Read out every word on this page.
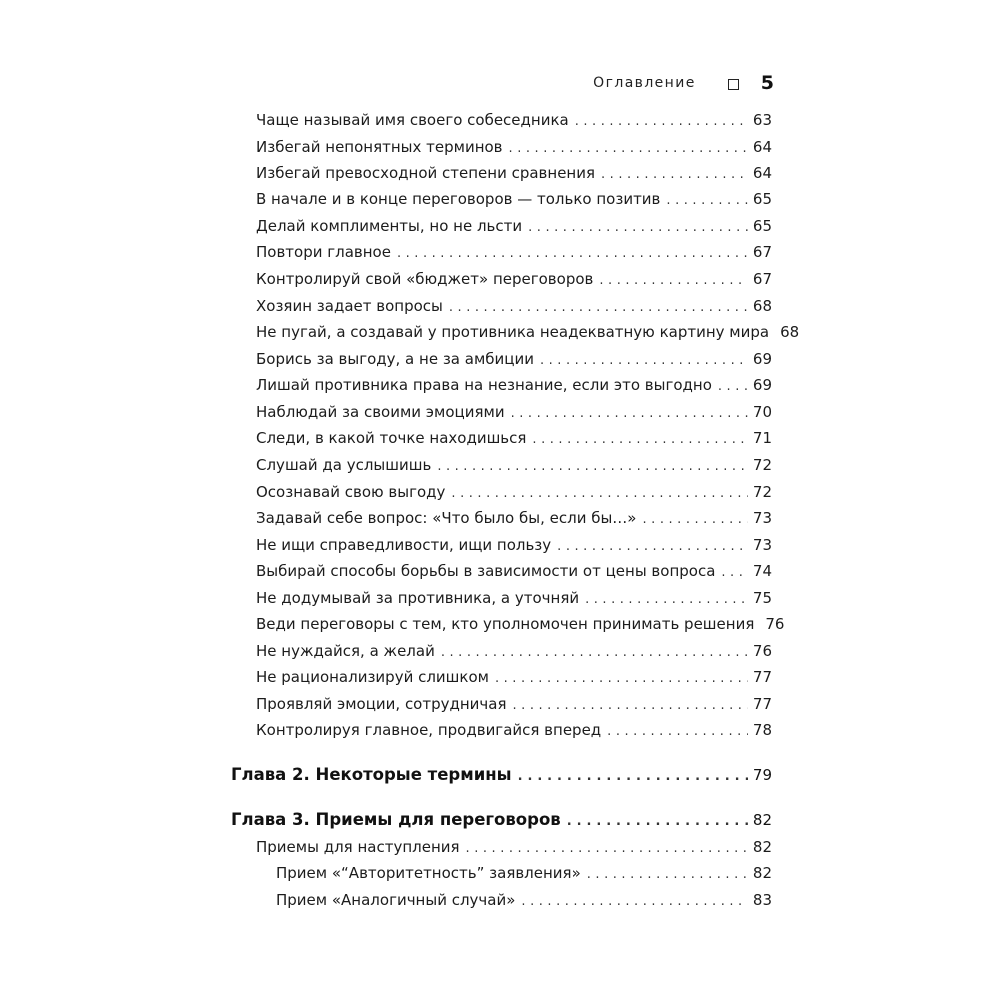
Оглавление	5
Чаще называй имя своего собеседника . . .	63
Избегай непонятных терминов . . .	64
Избегай превосходной степени сравнения . . .	64
В начале и в конце переговоров — только позитив . . .	65
Делай комплименты, но не льсти . . .	65
Повтори главное . . .	67
Контролируй свой «бюджет» переговоров . . .	67
Хозяин задает вопросы . . .	68
Не пугай, а создавай у противника неадекватную картину мира 68
Борись за выгоду, а не за амбиции . . .	69
Лишай противника права на незнание, если это выгодно . . .	69
Наблюдай за своими эмоциями . . .	70
Следи, в какой точке находишься . . .	71
Слушай да услышишь . . .	72
Осознавай свою выгоду . . .	72
Задавай себе вопрос: «Что было бы, если бы…» . . .	73
Не ищи справедливости, ищи пользу . . .	73
Выбирай способы борьбы в зависимости от цены вопроса . . .	74
Не додумывай за противника, а уточняй . . .	75
Веди переговоры с тем, кто уполномочен принимать решения 76
Не нуждайся, а желай . . .	76
Не рационализируй слишком . . .	77
Проявляй эмоции, сотрудничая . . .	77
Контролируя главное, продвигайся вперед . . .	78
Глава 2. Некоторые термины . . .	79
Глава 3. Приемы для переговоров . . .	82
Приемы для наступления . . .	82
Прием «“Авторитетность” заявления» . . .	82
Прием «Аналогичный случай» . . .	83
